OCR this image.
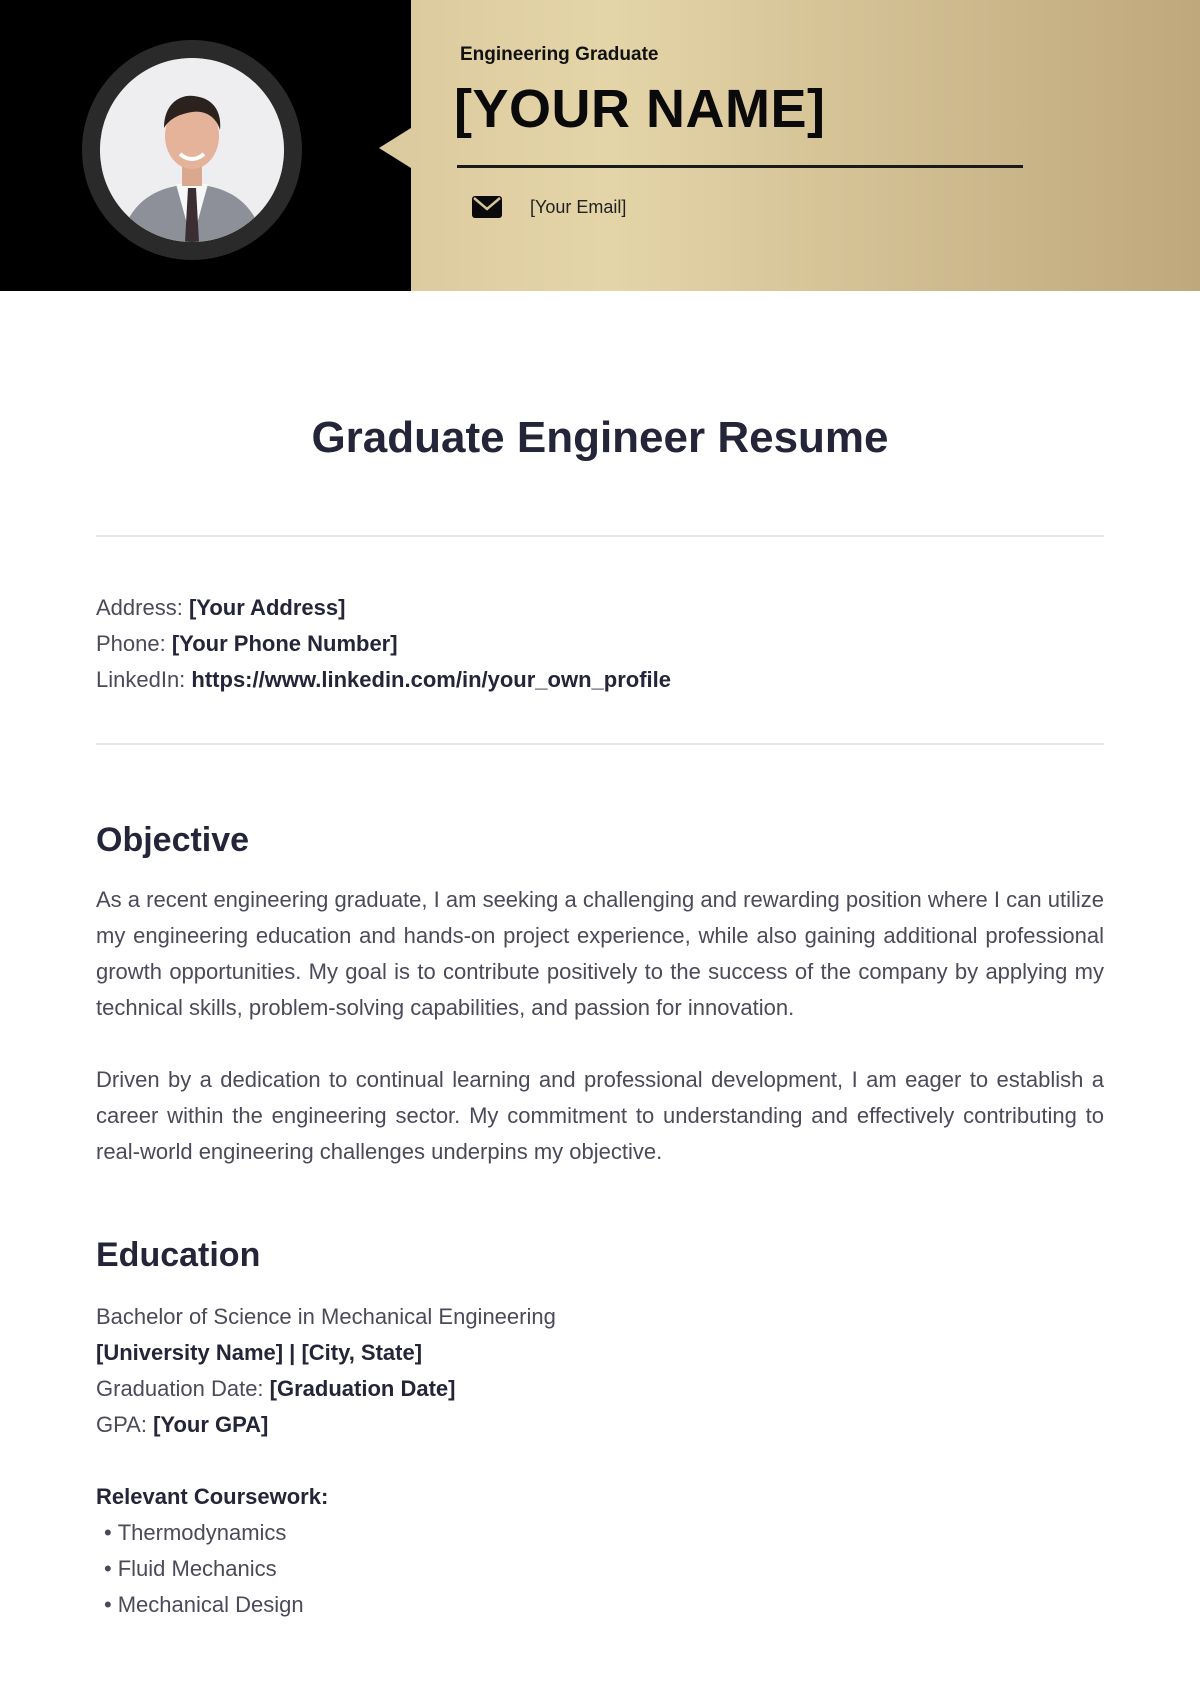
Engineering Graduate
[YOUR NAME]
[Your Email]
Graduate Engineer Resume
Address: [Your Address]
Phone: [Your Phone Number]
LinkedIn: https://www.linkedin.com/in/your_own_profile
Objective

As a recent engineering graduate, I am seeking a challenging and rewarding position where I can utilize my engineering education and hands-on project experience, while also gaining additional professional growth opportunities. My goal is to contribute positively to the success of the company by applying my technical skills, problem-solving capabilities, and passion for innovation.

Driven by a dedication to continual learning and professional development, I am eager to establish a career within the engineering sector. My commitment to understanding and effectively contributing to real-world engineering challenges underpins my objective.

Education
Bachelor of Science in Mechanical Engineering
[University Name] | [City, State]
Graduation Date: [Graduation Date]
GPA: [Your GPA]
Relevant Coursework:
• Thermodynamics
• Fluid Mechanics
• Mechanical Design
